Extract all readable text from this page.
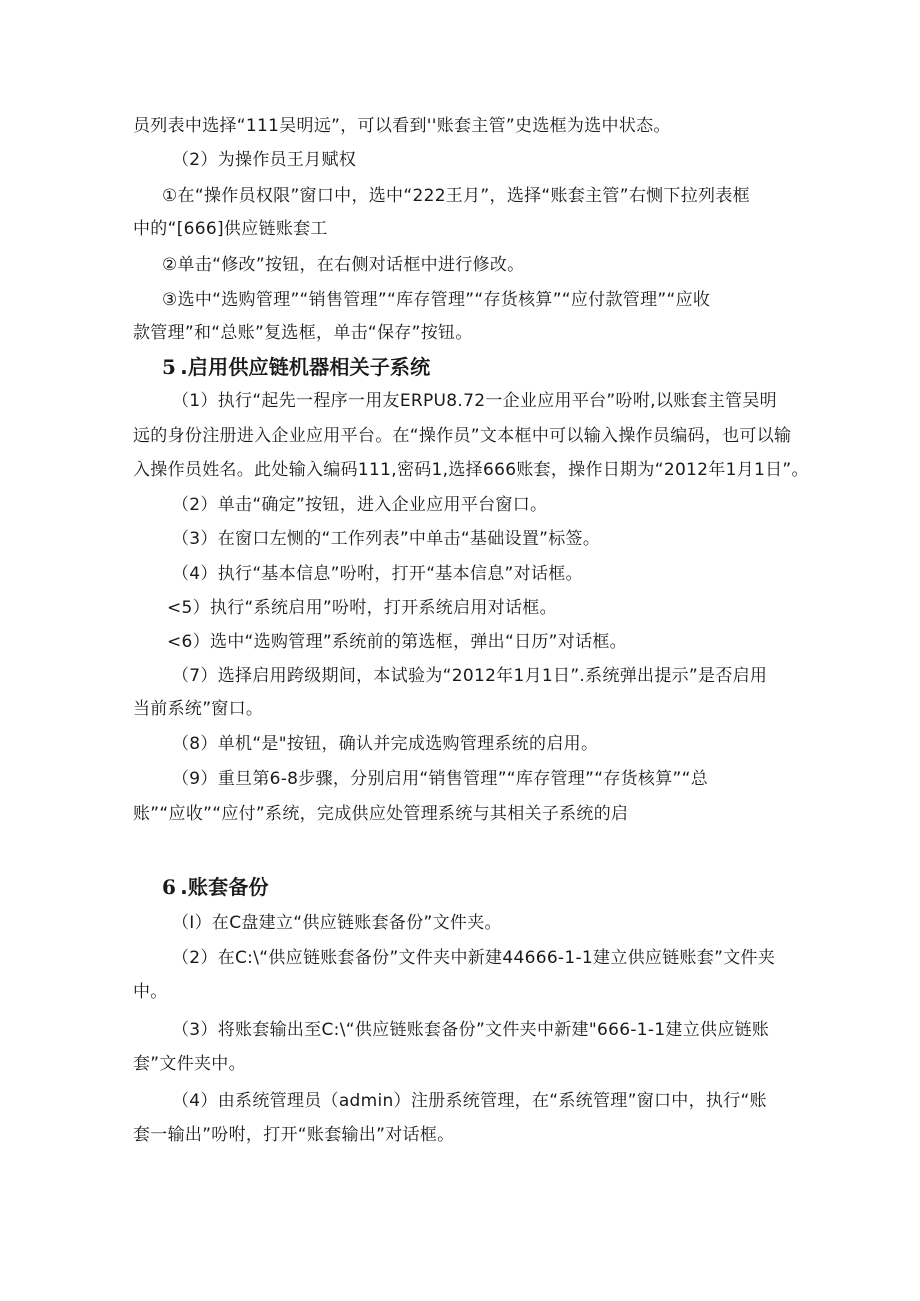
员列表中选择“111吴明远”，可以看到''账套主管”史选框为选中状态。
（2）为操作员王月赋权
①在“操作员权限”窗口中，选中“222王月”，选择“账套主管”右恻下拉列表框
中的“[666]供应链账套工
②单击“修改”按钮，在右侧对话框中进行修改。
③选中“选购管理”“销售管理”“库存管理”“存货核算”“应付款管理”“应收
款管理”和“总账”复选框，单击“保存”按钮。
5 .启用供应链机器相关子系统
（1）执行“起先一程序一用友ERPU8.72一企业应用平台”吩咐,以账套主管吴明
远的身份注册进入企业应用平台。在“操作员”文本框中可以输入操作员编码，也可以输
入操作员姓名。此处输入编码111,密码1,选择666账套，操作日期为“2012年1月1日”。
（2）单击“确定”按钮，进入企业应用平台窗口。
（3）在窗口左恻的“工作列表”中单击“基础设置”标签。
（4）执行“基本信息”吩咐，打开“基本信息”对话框。
<5）执行“系统启用”吩咐，打开系统启用对话框。
<6）选中“选购管理”系统前的第选框，弹出“日历”对话框。
（7）选择启用跨级期间，本试验为“2012年1月1日”.系统弹出提示”是否启用
当前系统”窗口。
（8）单机“是"按钮，确认并完成选购管理系统的启用。
（9）重旦第6-8步骤，分别启用“销售管理”“库存管理”“存货核算”“总
账”“应收”“应付”系统，完成供应处管理系统与其相关子系统的启
6 .账套备份
（I）在C盘建立“供应链账套备份”文件夹。
（2）在C:\“供应链账套备份”文件夹中新建44666-1-1建立供应链账套”文件夹
中。
（3）将账套输出至C:\“供应链账套备份”文件夹中新建"666-1-1建立供应链账
套”文件夹中。
（4）由系统管理员（admin）注册系统管理，在“系统管理”窗口中，执行“账
套一输出”吩咐，打开“账套输出”对话框。
